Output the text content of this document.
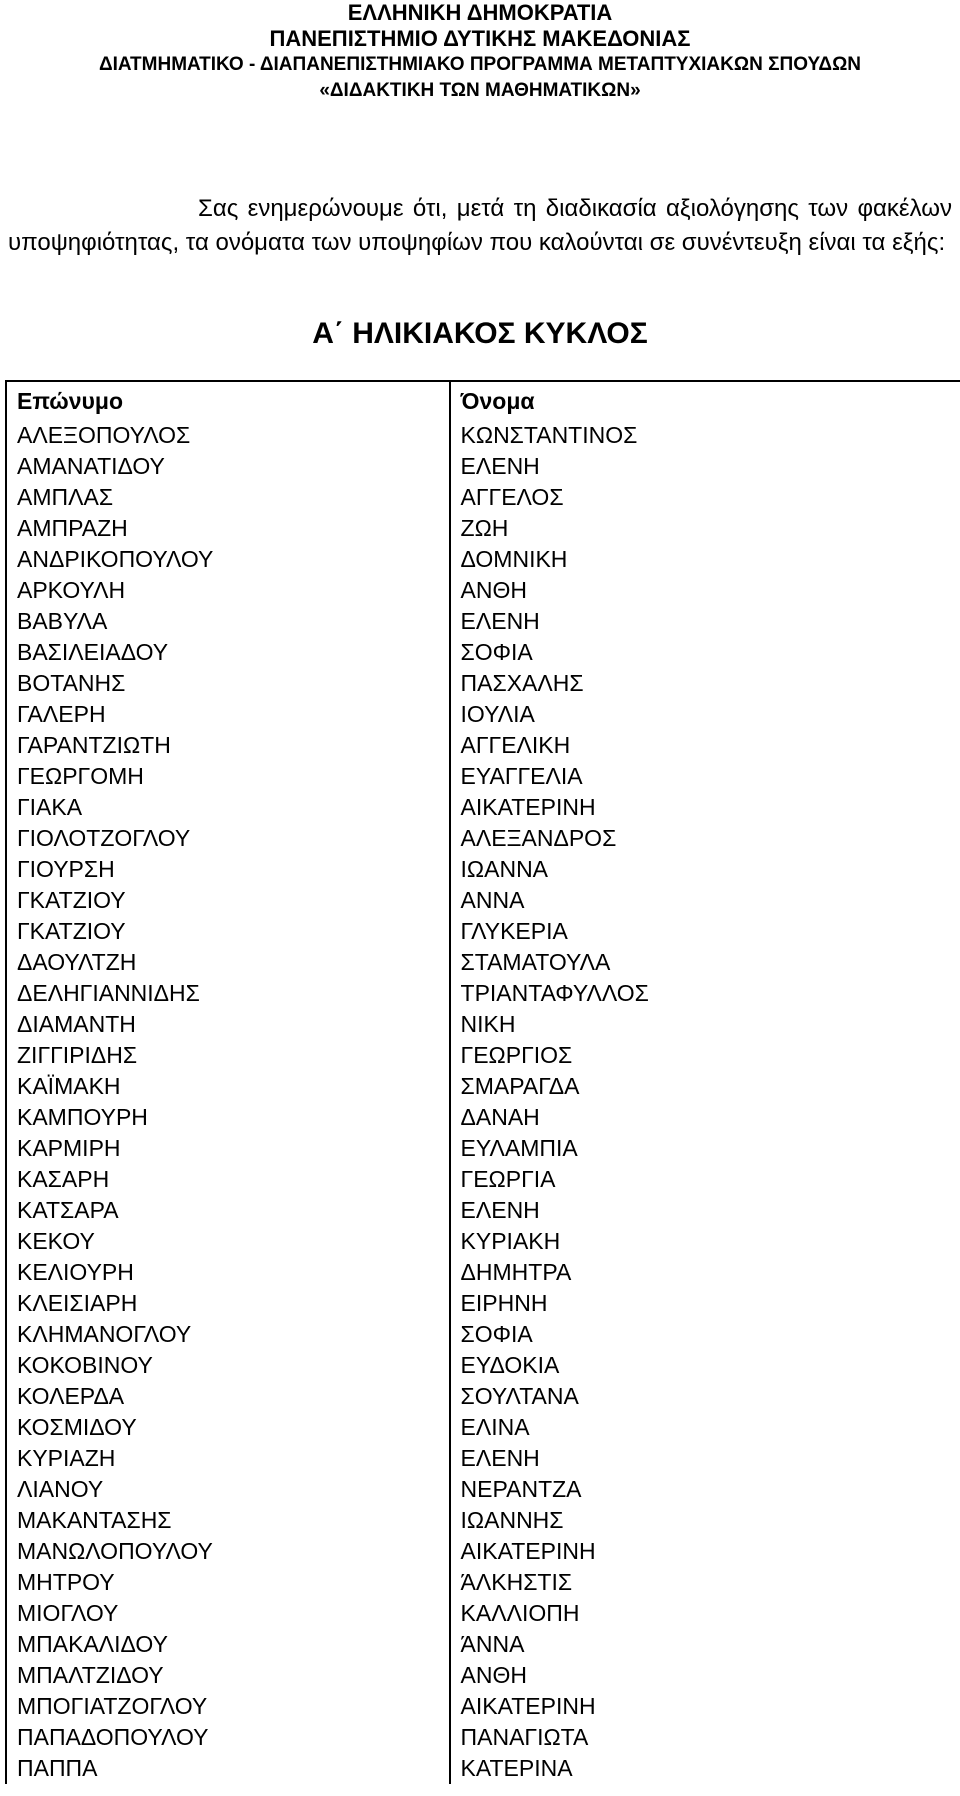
ΕΛΛΗΝΙΚΗ ΔΗΜΟΚΡΑΤΙΑ
ΠΑΝΕΠΙΣΤΗΜΙΟ ΔΥΤΙΚΗΣ ΜΑΚΕΔΟΝΙΑΣ
ΔΙΑΤΜΗΜΑΤΙΚΟ - ΔΙΑΠΑΝΕΠΙΣΤΗΜΙΑΚΟ ΠΡΟΓΡΑΜΜΑ ΜΕΤΑΠΤΥΧΙΑΚΩΝ ΣΠΟΥΔΩΝ
«ΔΙΔΑΚΤΙΚΗ ΤΩΝ ΜΑΘΗΜΑΤΙΚΩΝ»
Σας ενημερώνουμε ότι, μετά τη διαδικασία αξιολόγησης των φακέλων υποψηφιότητας, τα ονόματα των υποψηφίων που καλούνται σε συνέντευξη είναι τα εξής:
Α΄ ΗΛΙΚΙΑΚΟΣ ΚΥΚΛΟΣ
Επώνυμο	Όνομα
ΑΛΕΞΟΠΟΥΛΟΣ	ΚΩΝΣΤΑΝΤΙΝΟΣ
ΑΜΑΝΑΤΙΔΟΥ	ΕΛΕΝΗ
ΑΜΠΛΑΣ	ΑΓΓΕΛΟΣ
ΑΜΠΡΑΖΗ	ΖΩΗ
ΑΝΔΡΙΚΟΠΟΥΛΟΥ	ΔΟΜΝΙΚΗ
ΑΡΚΟΥΛΗ	ΑΝΘΗ
ΒΑΒΥΛΑ	ΕΛΕΝΗ
ΒΑΣΙΛΕΙΑΔΟΥ	ΣΟΦΙΑ
ΒΟΤΑΝΗΣ	ΠΑΣΧΑΛΗΣ
ΓΑΛΕΡΗ	ΙΟΥΛΙΑ
ΓΑΡΑΝΤΖΙΩΤΗ	ΑΓΓΕΛΙΚΗ
ΓΕΩΡΓΟΜΗ	ΕΥΑΓΓΕΛΙΑ
ΓΙΑΚΑ	ΑΙΚΑΤΕΡΙΝΗ
ΓΙΟΛΟΤΖΟΓΛΟΥ	ΑΛΕΞΑΝΔΡΟΣ
ΓΙΟΥΡΣΗ	ΙΩΑΝΝΑ
ΓΚΑΤΖΙΟΥ	ΑΝΝΑ
ΓΚΑΤΖΙΟΥ	ΓΛΥΚΕΡΙΑ
ΔΑΟΥΛΤΖΗ	ΣΤΑΜΑΤΟΥΛΑ
ΔΕΛΗΓΙΑΝΝΙΔΗΣ	ΤΡΙΑΝΤΑΦΥΛΛΟΣ
ΔΙΑΜΑΝΤΗ	ΝΙΚΗ
ΖΙΓΓΙΡΙΔΗΣ	ΓΕΩΡΓΙΟΣ
ΚΑΪΜΑΚΗ	ΣΜΑΡΑΓΔΑ
ΚΑΜΠΟΥΡΗ	ΔΑΝΑΗ
ΚΑΡΜΙΡΗ	ΕΥΛΑΜΠΙΑ
ΚΑΣΑΡΗ	ΓΕΩΡΓΙΑ
ΚΑΤΣΑΡΑ	ΕΛΕΝΗ
ΚΕΚΟΥ	ΚΥΡΙΑΚΗ
ΚΕΛΙΟΥΡΗ	ΔΗΜΗΤΡΑ
ΚΛΕΙΣΙΑΡΗ	ΕΙΡΗΝΗ
ΚΛΗΜΑΝΟΓΛΟΥ	ΣΟΦΙΑ
ΚΟΚΟΒΙΝΟΥ	ΕΥΔΟΚΙΑ
ΚΟΛΕΡΔΑ	ΣΟΥΛΤΑΝΑ
ΚΟΣΜΙΔΟΥ	ΕΛΙΝΑ
ΚΥΡΙΑΖΗ	ΕΛΕΝΗ
ΛΙΑΝΟΥ	ΝΕΡΑΝΤΖΑ
ΜΑΚΑΝΤΑΣΗΣ	ΙΩΑΝΝΗΣ
ΜΑΝΩΛΟΠΟΥΛΟΥ	ΑΙΚΑΤΕΡΙΝΗ
ΜΗΤΡΟΥ	ΆΛΚΗΣΤΙΣ
ΜΙΟΓΛΟΥ	ΚΑΛΛΙΟΠΗ
ΜΠΑΚΑΛΙΔΟΥ	ΆΝΝΑ
ΜΠΑΛΤΖΙΔΟΥ	ΑΝΘΗ
ΜΠΟΓΙΑΤΖΟΓΛΟΥ	ΑΙΚΑΤΕΡΙΝΗ
ΠΑΠΑΔΟΠΟΥΛΟΥ	ΠΑΝΑΓΙΩΤΑ
ΠΑΠΠΑ	ΚΑΤΕΡΙΝΑ
